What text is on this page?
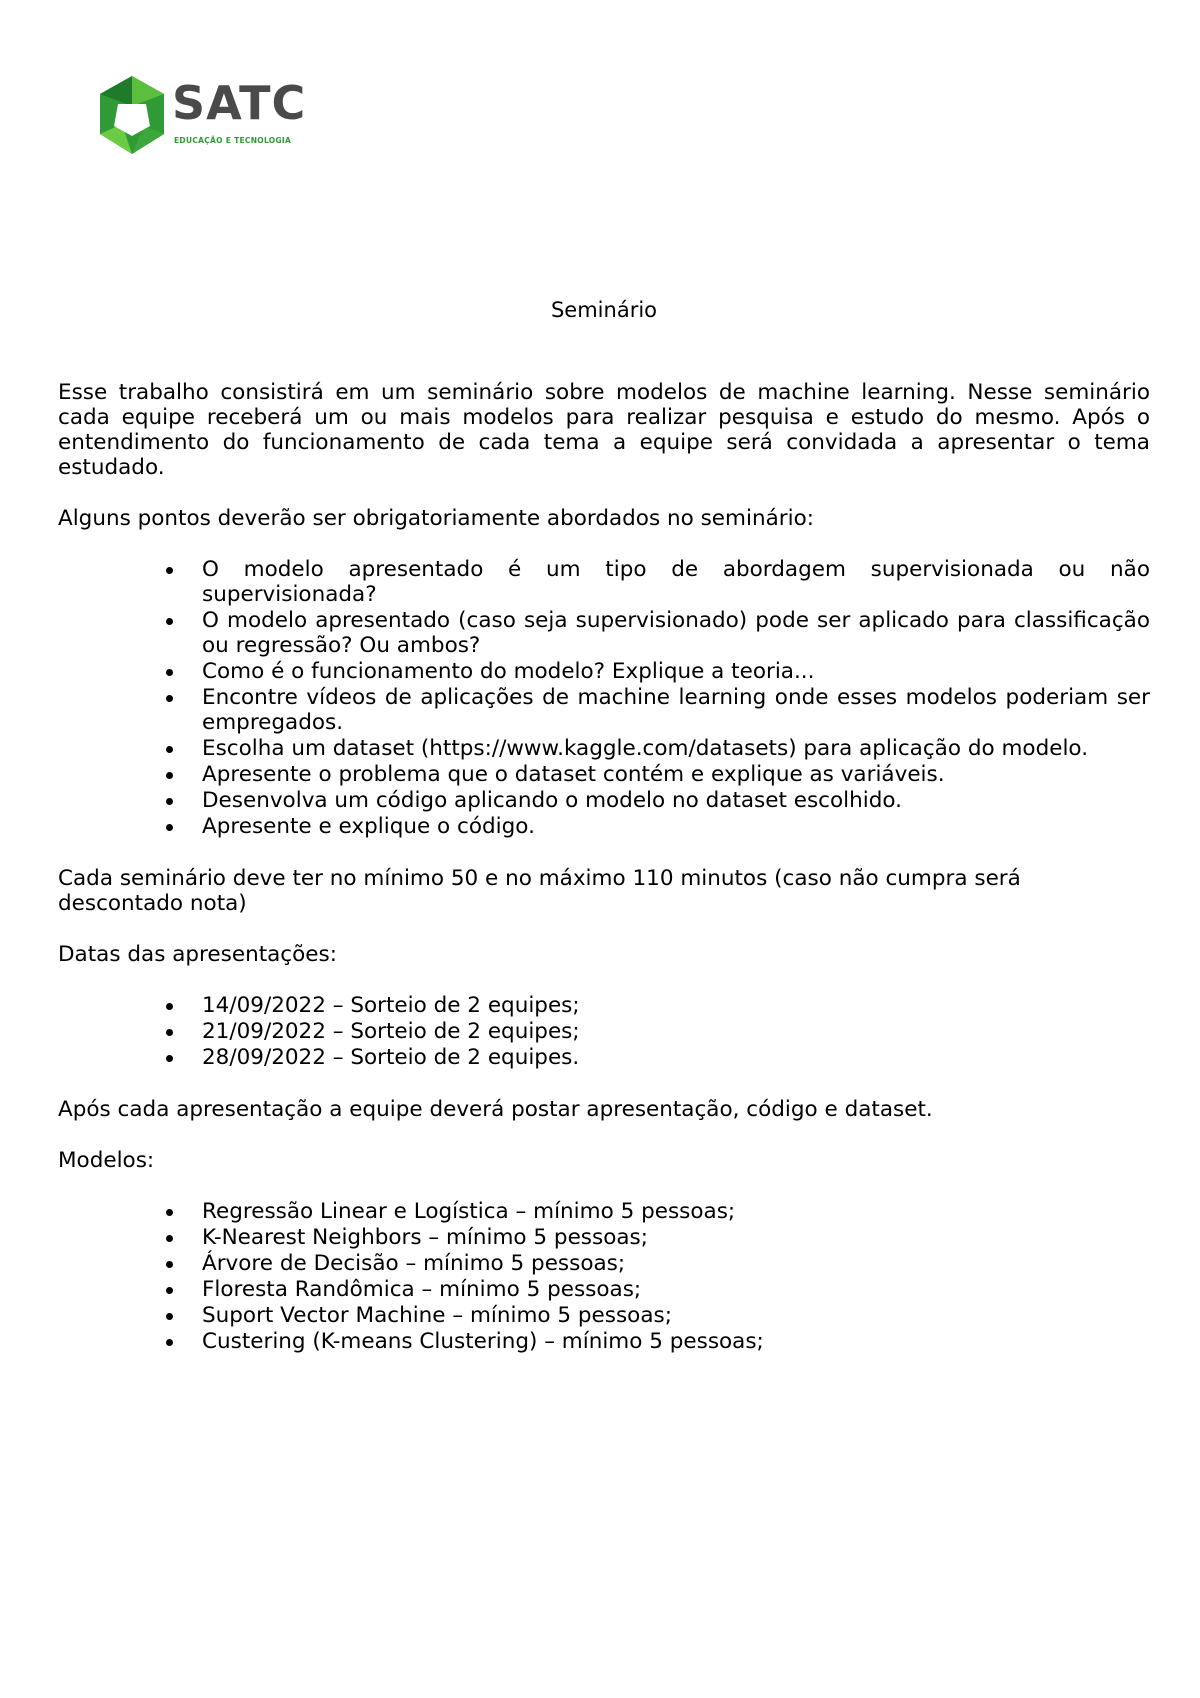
SATC
EDUCAÇÃO E TECNOLOGIA
Seminário

Esse trabalho consistirá em um seminário sobre modelos de machine learning. Nesse seminário cada equipe receberá um ou mais modelos para realizar pesquisa e estudo do mesmo. Após o entendimento do funcionamento de cada tema a equipe será convidada a apresentar o tema estudado.

Alguns pontos deverão ser obrigatoriamente abordados no seminário:

O modelo apresentado é um tipo de abordagem supervisionada ou não supervisionada?
O modelo apresentado (caso seja supervisionado) pode ser aplicado para classificação ou regressão? Ou ambos?
Como é o funcionamento do modelo? Explique a teoria...
Encontre vídeos de aplicações de machine learning onde esses modelos poderiam ser empregados.
Escolha um dataset (https://www.kaggle.com/datasets) para aplicação do modelo.
Apresente o problema que o dataset contém e explique as variáveis.
Desenvolva um código aplicando o modelo no dataset escolhido.
Apresente e explique o código.

Cada seminário deve ter no mínimo 50 e no máximo 110 minutos (caso não cumpra será descontado nota)

Datas das apresentações:

14/09/2022 – Sorteio de 2 equipes;
21/09/2022 – Sorteio de 2 equipes;
28/09/2022 – Sorteio de 2 equipes.

Após cada apresentação a equipe deverá postar apresentação, código e dataset.

Modelos:

Regressão Linear e Logística – mínimo 5 pessoas;
K-Nearest Neighbors – mínimo 5 pessoas;
Árvore de Decisão – mínimo 5 pessoas;
Floresta Randômica – mínimo 5 pessoas;
Suport Vector Machine – mínimo 5 pessoas;
Custering (K-means Clustering) – mínimo 5 pessoas;
